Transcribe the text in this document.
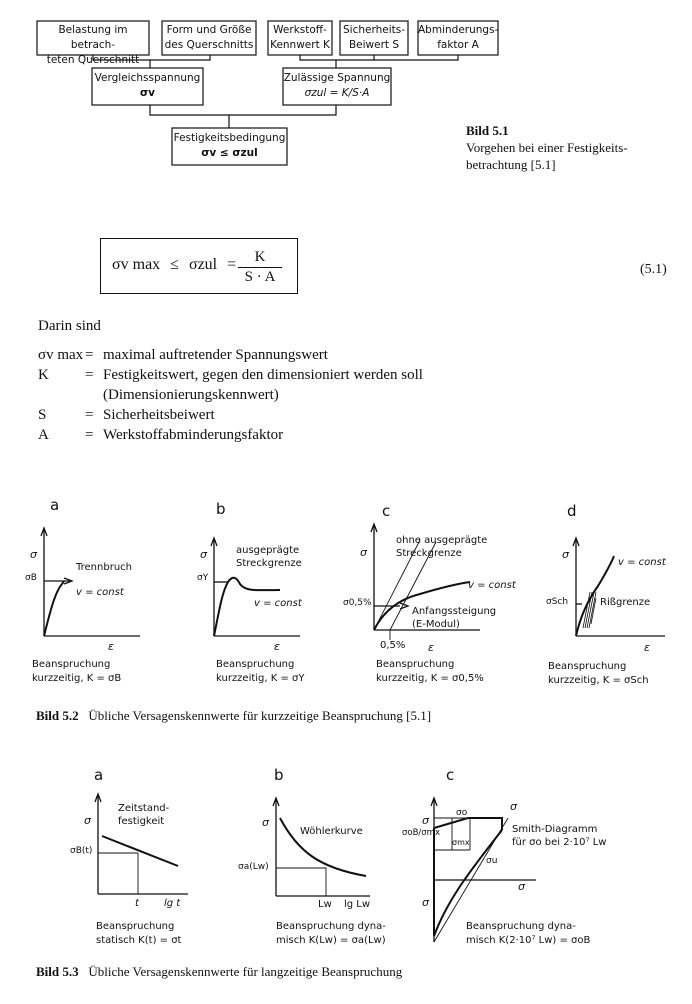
Belastung im betrach-
teten Querschnitt
Form und Größe
des Querschnitts
Werkstoff-
Kennwert K
Sicherheits-
Beiwert S
Abminderungs-
faktor A
Vergleichsspannung
σv
Zulässige Spannung
σzul = K/S·A
Festigkeitsbedingung
σv ≤ σzul
Bild 5.1
Vorgehen bei einer Festigkeits-
betrachtung [5.1]
σv $\max \le \sigma zul = \frac{K}{S \cdot A}$	(5.1)
Darin sind
σv max = maximal auftretender Spannungswert
K = Festigkeitswert, gegen den dimensioniert werden soll
(Dimensionierungskennwert)
S	= Sicherheitsbeiwert
A = Werkstoffabminderungsfaktor
a
σ
σB
Trennbruch
v = const
ε
Beanspruchung
kurzzeitig, K = σB
b
σ
σY
ausgeprägte
Streckgrenze
v = const
ε
Beanspruchung
kurzzeitig, K = σY
c
σ
σ0,5%
ohne ausgeprägte
Streckgrenze
v = const
Anfangssteigung
(E-Modul)
0,5% ε
Beanspruchung
kurzzeitig, K = σ0,5%
d
σ
σSch	Rißgrenze
v = const
ε
Beanspruchung
kurzzeitig, K = σSch
Bild 5.2 Übliche Versagenskennwerte für kurzzeitige Beanspruchung [5.1]
a
σ
σB(t)
Zeitstand-
festigkeit
t	lg t
Beanspruchung
statisch K(t) = σt
b
σ
σa(Lw)
Wöhlerkurve
Lw lg Lw
Beanspruchung dyna-
misch K(Lw) = σa(Lw)
c
σ
σ
σ
σoB/σmx
σo
σmx
σu
Smith-Diagramm
für σo bei 2·10⁷ Lw
σ
Beanspruchung dyna-
misch K(2·10⁷ Lw) = σoB
Bild 5.3 Übliche Versagenskennwerte für langzeitige Beanspruchung
